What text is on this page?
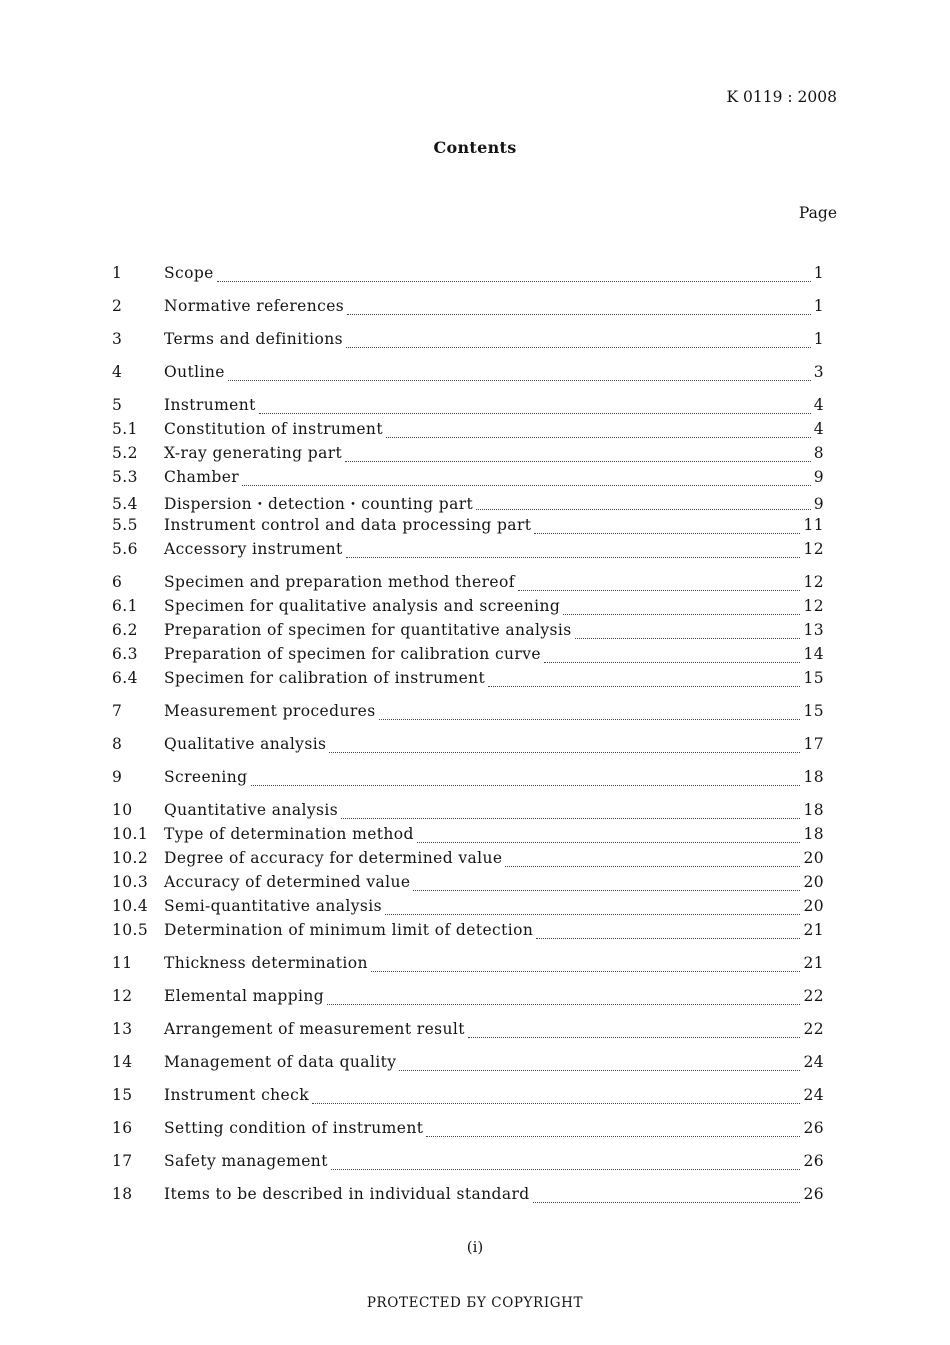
K 0119 : 2008
Contents
Page
1	Scope	1
2	Normative references	1
3	Terms and definitions	1
4	Outline	3
5	Instrument	4
5.1	Constitution of instrument	4
5.2	X-ray generating part	8
5.3	Chamber	9
5.4	Dispersion・detection・counting part	9
5.5	Instrument control and data processing part	11
5.6	Accessory instrument	12
6	Specimen and preparation method thereof	12
6.1	Specimen for qualitative analysis and screening	12
6.2	Preparation of specimen for quantitative analysis	13
6.3	Preparation of specimen for calibration curve	14
6.4	Specimen for calibration of instrument	15
7	Measurement procedures	15
8	Qualitative analysis	17
9	Screening	18
10	Quantitative analysis	18
10.1	Type of determination method	18
10.2	Degree of accuracy for determined value	20
10.3	Accuracy of determined value	20
10.4	Semi-quantitative analysis	20
10.5	Determination of minimum limit of detection	21
11	Thickness determination	21
12	Elemental mapping	22
13	Arrangement of measurement result	22
14	Management of data quality	24
15	Instrument check	24
16	Setting condition of instrument	26
17	Safety management	26
18	Items to be described in individual standard	26
(i)
PROTECTED БY COPYRIGHT
